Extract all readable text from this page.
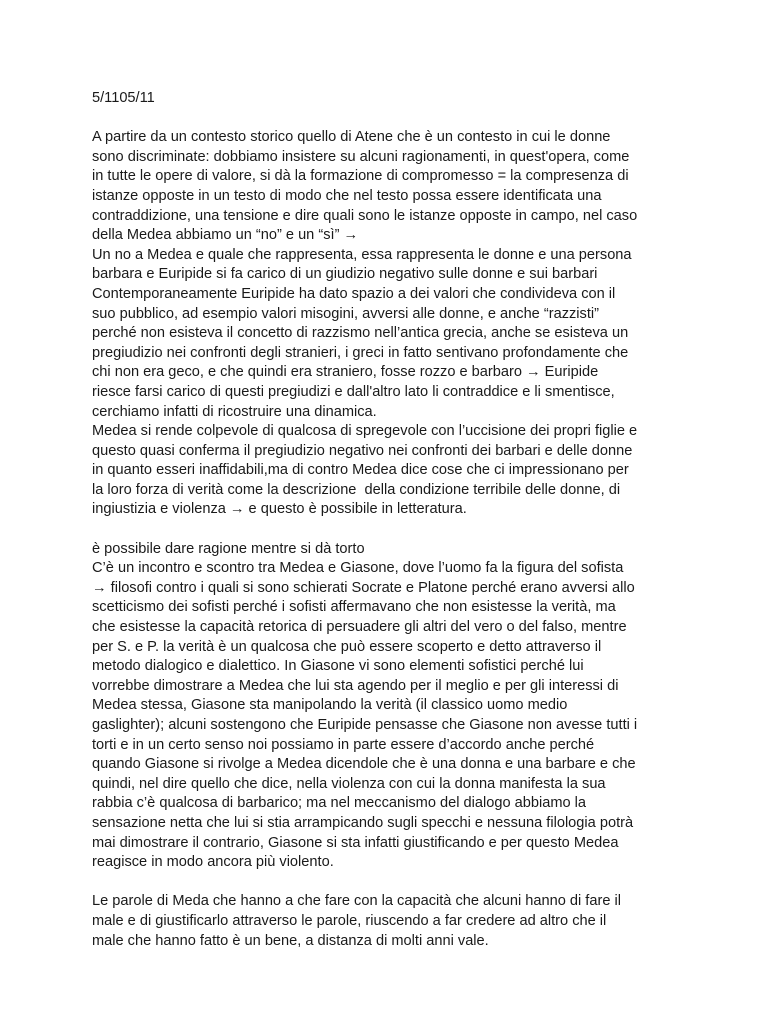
5/1105/11
A partire da un contesto storico quello di Atene che è un contesto in cui le donne
sono discriminate: dobbiamo insistere su alcuni ragionamenti, in quest'opera, come
in tutte le opere di valore, si dà la formazione di compromesso = la compresenza di
istanze opposte in un testo di modo che nel testo possa essere identificata una
contraddizione, una tensione e dire quali sono le istanze opposte in campo, nel caso
della Medea abbiamo un “no” e un “sì” →
Un no a Medea e quale che rappresenta, essa rappresenta le donne e una persona
barbara e Euripide si fa carico di un giudizio negativo sulle donne e sui barbari
Contemporaneamente Euripide ha dato spazio a dei valori che condivideva con il
suo pubblico, ad esempio valori misogini, avversi alle donne, e anche “razzisti”
perché non esisteva il concetto di razzismo nell’antica grecia, anche se esisteva un
pregiudizio nei confronti degli stranieri, i greci in fatto sentivano profondamente che
chi non era geco, e che quindi era straniero, fosse rozzo e barbaro → Euripide
riesce farsi carico di questi pregiudizi e dall'altro lato li contraddice e li smentisce,
cerchiamo infatti di ricostruire una dinamica.
Medea si rende colpevole di qualcosa di spregevole con l’uccisione dei propri figlie e
questo quasi conferma il pregiudizio negativo nei confronti dei barbari e delle donne
in quanto esseri inaffidabili,ma di contro Medea dice cose che ci impressionano per
la loro forza di verità come la descrizione  della condizione terribile delle donne, di
ingiustizia e violenza → e questo è possibile in letteratura.
è possibile dare ragione mentre si dà torto
C’è un incontro e scontro tra Medea e Giasone, dove l’uomo fa la figura del sofista
→ filosofi contro i quali si sono schierati Socrate e Platone perché erano avversi allo
scetticismo dei sofisti perché i sofisti affermavano che non esistesse la verità, ma
che esistesse la capacità retorica di persuadere gli altri del vero o del falso, mentre
per S. e P. la verità è un qualcosa che può essere scoperto e detto attraverso il
metodo dialogico e dialettico. In Giasone vi sono elementi sofistici perché lui
vorrebbe dimostrare a Medea che lui sta agendo per il meglio e per gli interessi di
Medea stessa, Giasone sta manipolando la verità (il classico uomo medio
gaslighter); alcuni sostengono che Euripide pensasse che Giasone non avesse tutti i
torti e in un certo senso noi possiamo in parte essere d’accordo anche perché
quando Giasone si rivolge a Medea dicendole che è una donna e una barbare e che
quindi, nel dire quello che dice, nella violenza con cui la donna manifesta la sua
rabbia c’è qualcosa di barbarico; ma nel meccanismo del dialogo abbiamo la
sensazione netta che lui si stia arrampicando sugli specchi e nessuna filologia potrà
mai dimostrare il contrario, Giasone si sta infatti giustificando e per questo Medea
reagisce in modo ancora più violento.
Le parole di Meda che hanno a che fare con la capacità che alcuni hanno di fare il
male e di giustificarlo attraverso le parole, riuscendo a far credere ad altro che il
male che hanno fatto è un bene, a distanza di molti anni vale.
